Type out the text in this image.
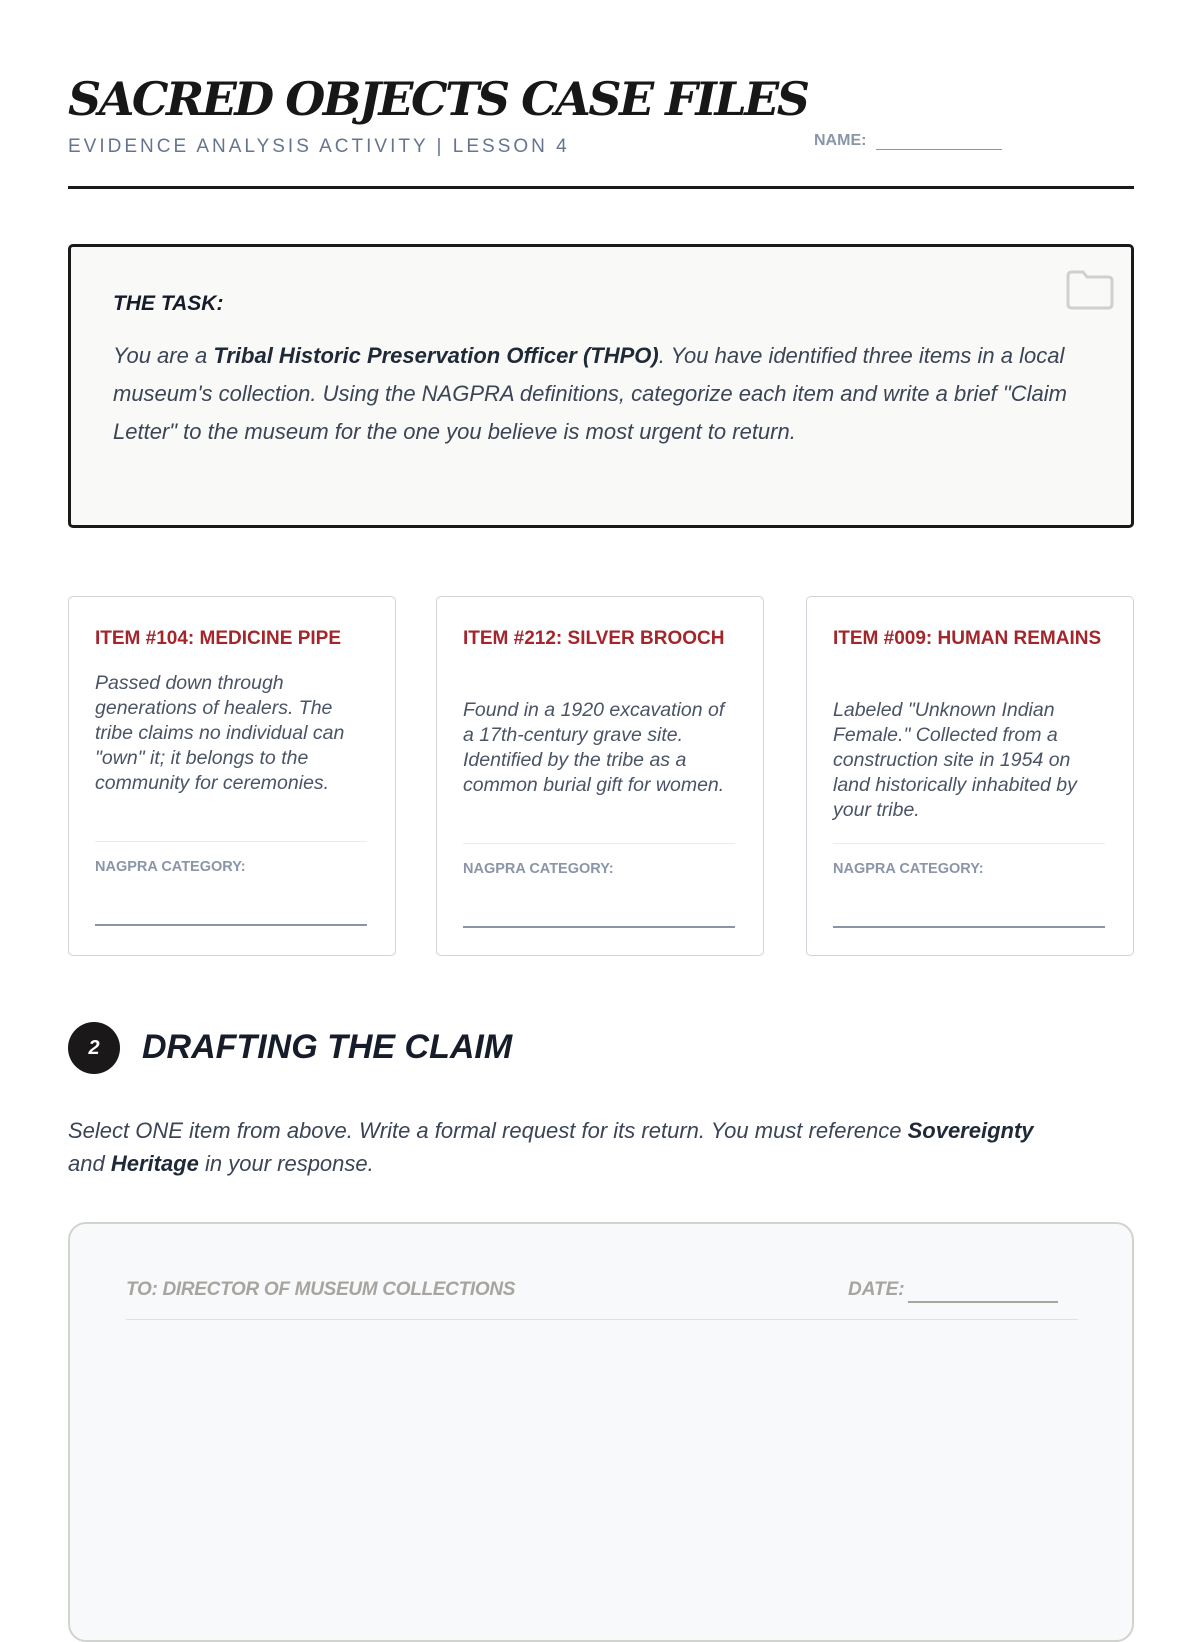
SACRED OBJECTS CASE FILES
EVIDENCE ANALYSIS ACTIVITY | LESSON 4	NAME:
THE TASK:

You are a Tribal Historic Preservation Officer (THPO). You have identified three items in a local museum's collection. Using the NAGPRA definitions, categorize each item and write a brief "Claim Letter" to the museum for the one you believe is most urgent to return.

ITEM #104: MEDICINE PIPE

Passed down through generations of healers. The tribe claims no individual can "own" it; it belongs to the community for ceremonies.

NAGPRA CATEGORY:
ITEM #212: SILVER BROOCH

Found in a 1920 excavation of a 17th-century grave site. Identified by the tribe as a common burial gift for women.

NAGPRA CATEGORY:
ITEM #009: HUMAN REMAINS

Labeled "Unknown Indian Female." Collected from a construction site in 1954 on land historically inhabited by your tribe.

NAGPRA CATEGORY:
2	DRAFTING THE CLAIM

Select ONE item from above. Write a formal request for its return. You must reference Sovereignty and Heritage in your response.

TO: DIRECTOR OF MUSEUM COLLECTIONS	DATE:
